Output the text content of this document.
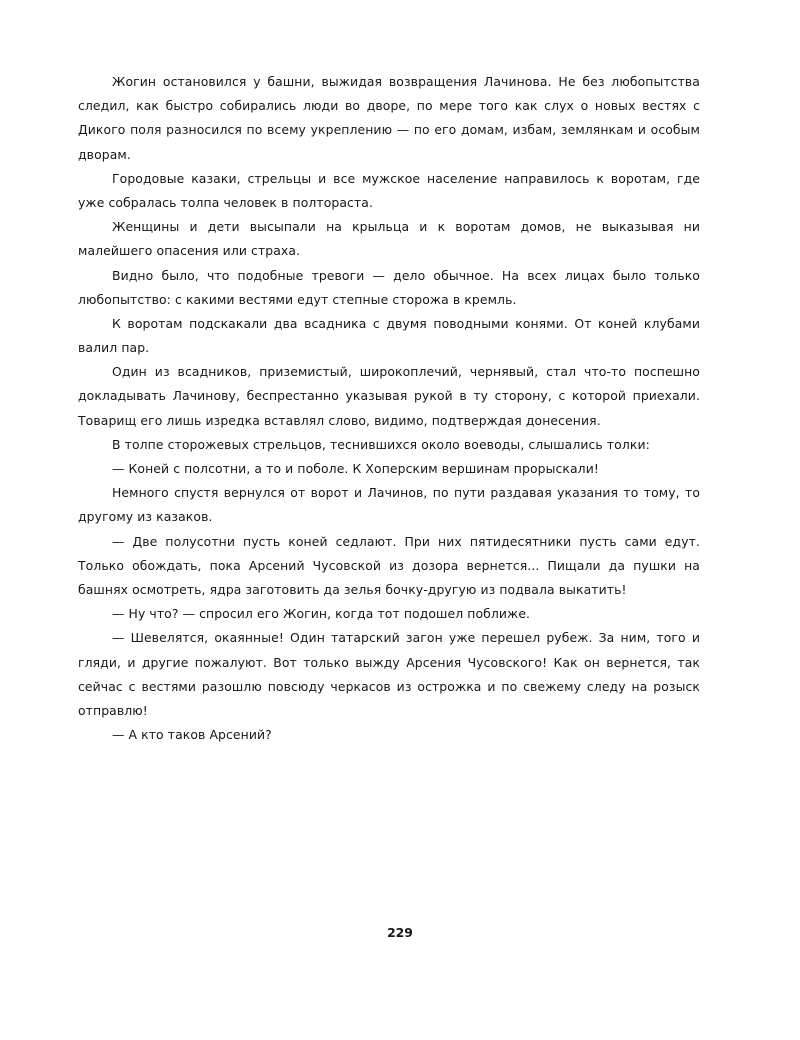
Жогин остановился у башни, выжидая возвращения Лачинова. Не без любопытства следил, как быстро собирались люди во дворе, по мере того как слух о новых вестях с Дикого поля разносился по всему укреплению — по его домам, избам, землянкам и особым дворам.

Городовые казаки, стрельцы и все мужское население направилось к воротам, где уже собралась толпа человек в полтораста.

Женщины и дети высыпали на крыльца и к воротам домов, не выказывая ни малейшего опасения или страха.

Видно было, что подобные тревоги — дело обычное. На всех лицах было только любопытство: с какими вестями едут степные сторожа в кремль.

К воротам подскакали два всадника с двумя поводными конями. От коней клубами валил пар.

Один из всадников, приземистый, широкоплечий, чернявый, стал что-то поспешно докладывать Лачинову, беспрестанно указывая рукой в ту сторону, с которой приехали. Товарищ его лишь изредка вставлял слово, видимо, подтверждая донесения.

В толпе сторожевых стрельцов, теснившихся около воеводы, слышались толки:

— Коней с полсотни, а то и поболе. К Хоперским вершинам прорыскали!

Немного спустя вернулся от ворот и Лачинов, по пути раздавая указания то тому, то другому из казаков.

— Две полусотни пусть коней седлают. При них пятидесятники пусть сами едут. Только обождать, пока Арсений Чусовской из дозора вернется... Пищали да пушки на башнях осмотреть, ядра заготовить да зелья бочку-другую из подвала выкатить!

— Ну что? — спросил его Жогин, когда тот подошел поближе.

— Шевелятся, окаянные! Один татарский загон уже перешел рубеж. За ним, того и гляди, и другие пожалуют. Вот только выжду Арсения Чусовского! Как он вернется, так сейчас с вестями разошлю повсюду черкасов из острожка и по свежему следу на розыск отправлю!

— А кто таков Арсений?

229
